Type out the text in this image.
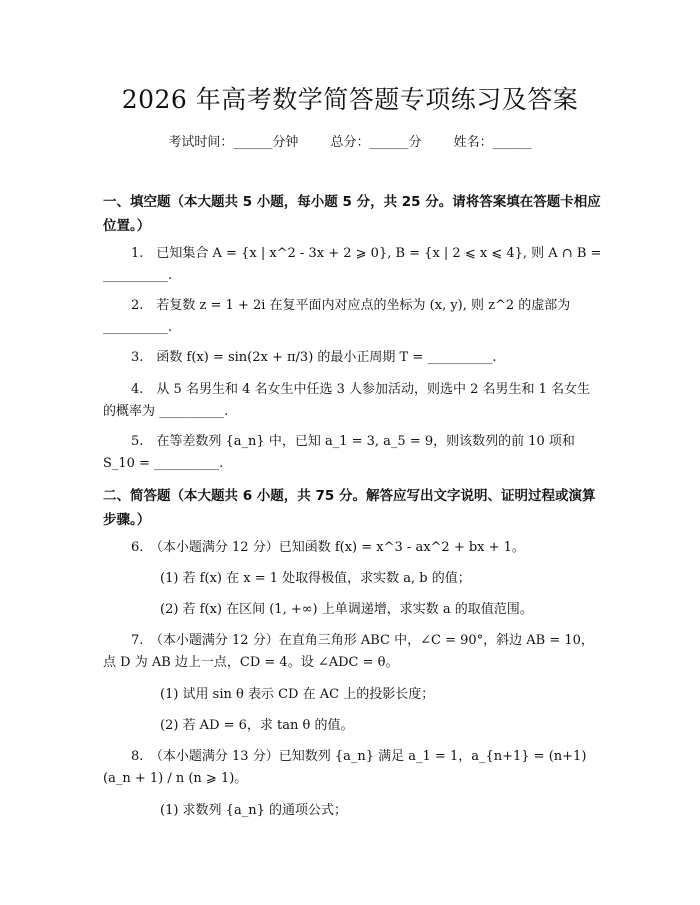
2026 年高考数学简答题专项练习及答案
考试时间：______分钟 总分：______分 姓名：______
一、填空题（本大题共 5 小题，每小题 5 分，共 25 分。请将答案填在答题卡相应位置。）
1.　已知集合 A = {x | x^2 - 3x + 2 ⩾ 0}, B = {x | 2 ⩽ x ⩽ 4}, 则 A ∩ B = __________.
2.　若复数 z = 1 + 2i 在复平面内对应点的坐标为 (x, y), 则 z^2 的虚部为 __________.
3.　函数 f(x) = sin(2x + π/3) 的最小正周期 T = __________.
4.　从 5 名男生和 4 名女生中任选 3 人参加活动，则选中 2 名男生和 1 名女生的概率为 __________.
5.　在等差数列 {a_n} 中，已知 a_1 = 3, a_5 = 9，则该数列的前 10 项和 S_10 = __________.
二、简答题（本大题共 6 小题，共 75 分。解答应写出文字说明、证明过程或演算步骤。）
6.　（本小题满分 12 分）已知函数 f(x) = x^3 - ax^2 + bx + 1。
(1) 若 f(x) 在 x = 1 处取得极值，求实数 a, b 的值；
(2) 若 f(x) 在区间 (1, +∞) 上单调递增，求实数 a 的取值范围。
7.　（本小题满分 12 分）在直角三角形 ABC 中，∠C = 90°，斜边 AB = 10，点 D 为 AB 边上一点，CD = 4。设 ∠ADC = θ。
(1) 试用 sin θ 表示 CD 在 AC 上的投影长度；
(2) 若 AD = 6，求 tan θ 的值。
8.　（本小题满分 13 分）已知数列 {a_n} 满足 a_1 = 1，a_{n+1} = (n+1)(a_n + 1) / n (n ⩾ 1)。
(1) 求数列 {a_n} 的通项公式；
